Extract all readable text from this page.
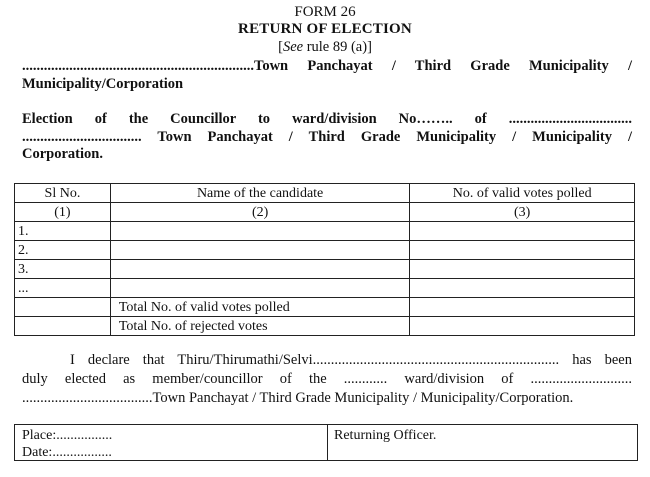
FORM 26
RETURN OF ELECTION
[See rule 89 (a)]
................................................................Town Panchayat / Third Grade Municipality /
Municipality/Corporation
Election of the Councillor to ward/division No…….. of ..................................
................................. Town Panchayat / Third Grade Municipality / Municipality /
Corporation.
Sl No.	Name of the candidate	No. of valid votes polled
(1)	(2)	(3)
1.		
2.		
3.		
...		
	Total No. of valid votes polled	
	Total No. of rejected votes	
I declare that Thiru/Thirumathi/Selvi.................................................................... has been
duly elected as member/councillor of the ............ ward/division of ............................
....................................Town Panchayat / Third Grade Municipality / Municipality/Corporation.
Place:................
Date:.................
Returning Officer.
